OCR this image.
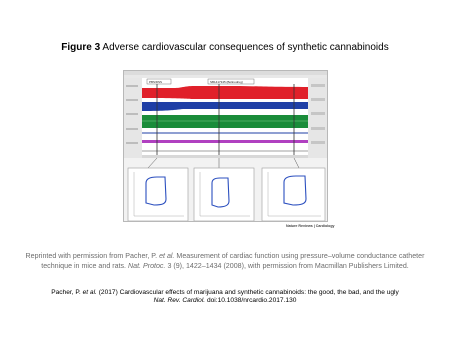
Figure 3 Adverse cardiovascular consequences of synthetic cannabinoids
PBS/DSS	SB1417345 (Bolinodrug)
Nature Reviews | Cardiology
Reprinted with permission from Pacher, P. et al. Measurement of cardiac function using pressure–volume conductance catheter
technique in mice and rats. Nat. Protoc. 3 (9), 1422–1434 (2008), with permission from Macmillan Publishers Limited.
Pacher, P. et al. (2017) Cardiovascular effects of marijuana and synthetic cannabinoids: the good, the bad, and the ugly
Nat. Rev. Cardiol. doi:10.1038/nrcardio.2017.130
